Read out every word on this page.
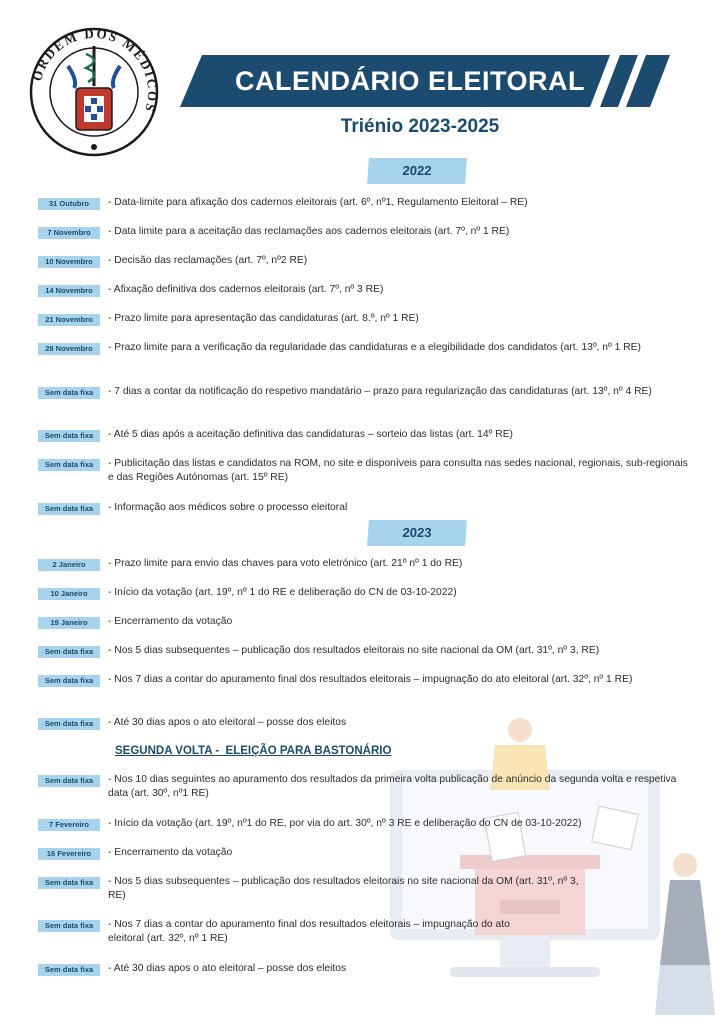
ORDEM DOS MÉDICOS
CALENDÁRIO ELEITORAL
Triénio 2023-2025
2022
2023
31 Outubro	- Data-limite para afixação dos cadernos eleitorais (art. 6º, nº1, Regulamento Eleitoral – RE)
7 Novembro	- Data limite para a aceitação das reclamações aos cadernos eleitorais (art. 7º, nº 1 RE)
10 Novembro	- Decisão das reclamações (art. 7º, nº2 RE)
14 Novembro	- Afixação definitiva dos cadernos eleitorais (art. 7º, nº 3 RE)
21 Novembro	- Prazo limite para apresentação das candidaturas (art. 8.º, nº 1 RE)
28 Novembro	- Prazo limite para a verificação da regularidade das candidaturas e a elegibilidade dos candidatos (art. 13º, nº 1 RE)
Sem data fixa	- 7 dias a contar da notificação do respetivo mandatário – prazo para regularização das candidaturas (art. 13º, nº 4 RE)
Sem data fixa	- Até 5 dias após a aceitação definitiva das candidaturas – sorteio das listas (art. 14º RE)
Sem data fixa	- Publicitação das listas e candidatos na ROM, no site e disponíveis para consulta nas sedes nacional, regionais, sub-regionais e das Regiões Autónomas (art. 15º RE)
Sem data fixa	- Informação aos médicos sobre o processo eleitoral
2 Janeiro	- Prazo limite para envio das chaves para voto eletrónico (art. 21º nº 1 do RE)
10 Janeiro	- Início da votação (art. 19º, nº 1 do RE e deliberação do CN de 03-10-2022)
19 Janeiro	- Encerramento da votação
Sem data fixa	- Nos 5 dias subsequentes – publicação dos resultados eleitorais no site nacional da OM (art. 31º, nº 3, RE)
Sem data fixa	- Nos 7 dias a contar do apuramento final dos resultados eleitorais – impugnação do ato eleitoral (art. 32º, nº 1 RE)
Sem data fixa	- Até 30 dias apos o ato eleitoral – posse dos eleitos
SEGUNDA VOLTA -  ELEIÇÃO PARA BASTONÁRIO
Sem data fixa	- Nos 10 dias seguintes ao apuramento dos resultados da primeira volta publicação de anúncio da segunda volta e respetiva data (art. 30º, nº1 RE)
7 Fevereiro	- Início da votação (art. 19º, nº1 do RE, por via do art. 30º, nº 3 RE e deliberação do CN de 03-10-2022)
16 Fevereiro	- Encerramento da votação
Sem data fixa	- Nos 5 dias subsequentes – publicação dos resultados eleitorais no site nacional da OM (art. 31º, nº 3, RE)
Sem data fixa	- Nos 7 dias a contar do apuramento final dos resultados eleitorais – impugnação do ato eleitoral (art. 32º, nº 1 RE)
Sem data fixa	- Até 30 dias apos o ato eleitoral – posse dos eleitos
